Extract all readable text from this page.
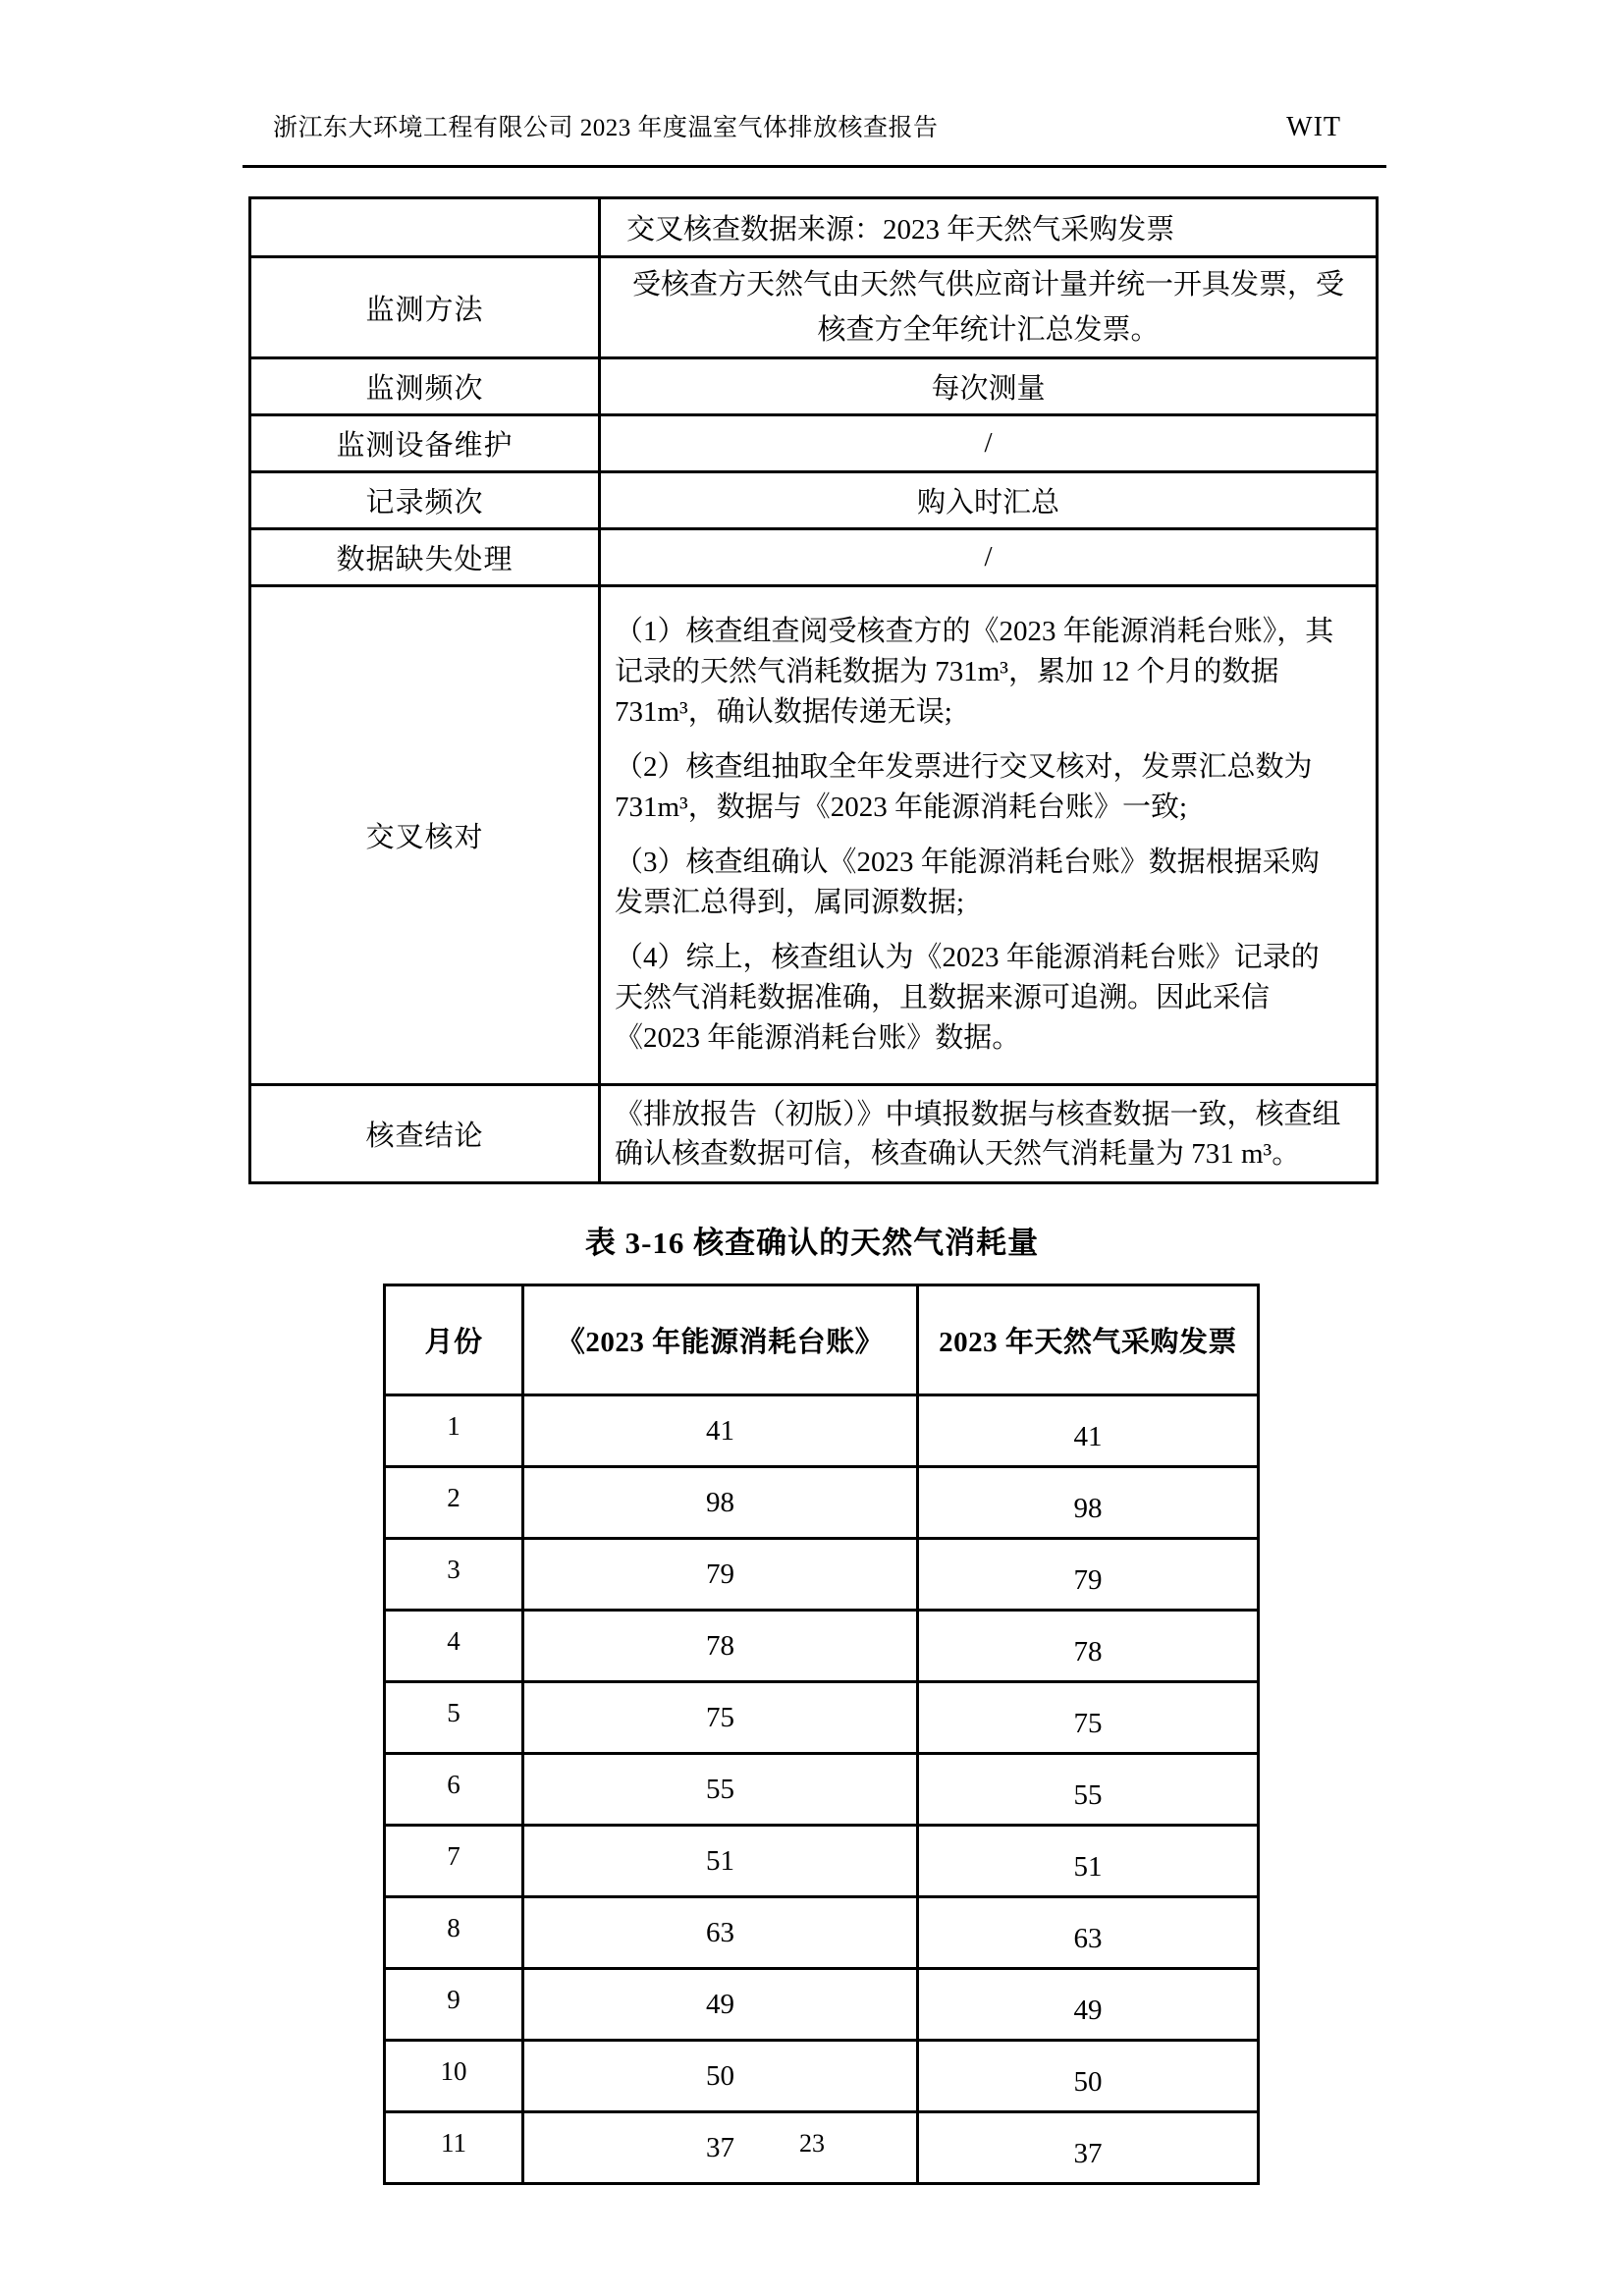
浙江东大环境工程有限公司 2023 年度温室气体排放核查报告	WIT
	交叉核查数据来源：2023 年天然气采购发票
监测方法	受核查方天然气由天然气供应商计量并统一开具发票，受核查方全年统计汇总发票。
监测频次	每次测量
监测设备维护	/
记录频次	购入时汇总
数据缺失处理	/
交叉核对	（1）核查组查阅受核查方的《2023 年能源消耗台账》，其记录的天然气消耗数据为 731m³，累加 12 个月的数据 731m³，确认数据传递无误;

（2）核查组抽取全年发票进行交叉核对，发票汇总数为 731m³，数据与《2023 年能源消耗台账》一致;

（3）核查组确认《2023 年能源消耗台账》数据根据采购发票汇总得到，属同源数据;

（4）综上，核查组认为《2023 年能源消耗台账》记录的天然气消耗数据准确，且数据来源可追溯。因此采信《2023 年能源消耗台账》数据。

核查结论	《排放报告（初版）》中填报数据与核查数据一致，核查组确认核查数据可信，核查确认天然气消耗量为 731 m³。
表 3-16 核查确认的天然气消耗量
月份	《2023 年能源消耗台账》	2023 年天然气采购发票
1	41	41
2	98	98
3	79	79
4	78	78
5	75	75
6	55	55
7	51	51
8	63	63
9	49	49
10	50	50
11	37	37
23
